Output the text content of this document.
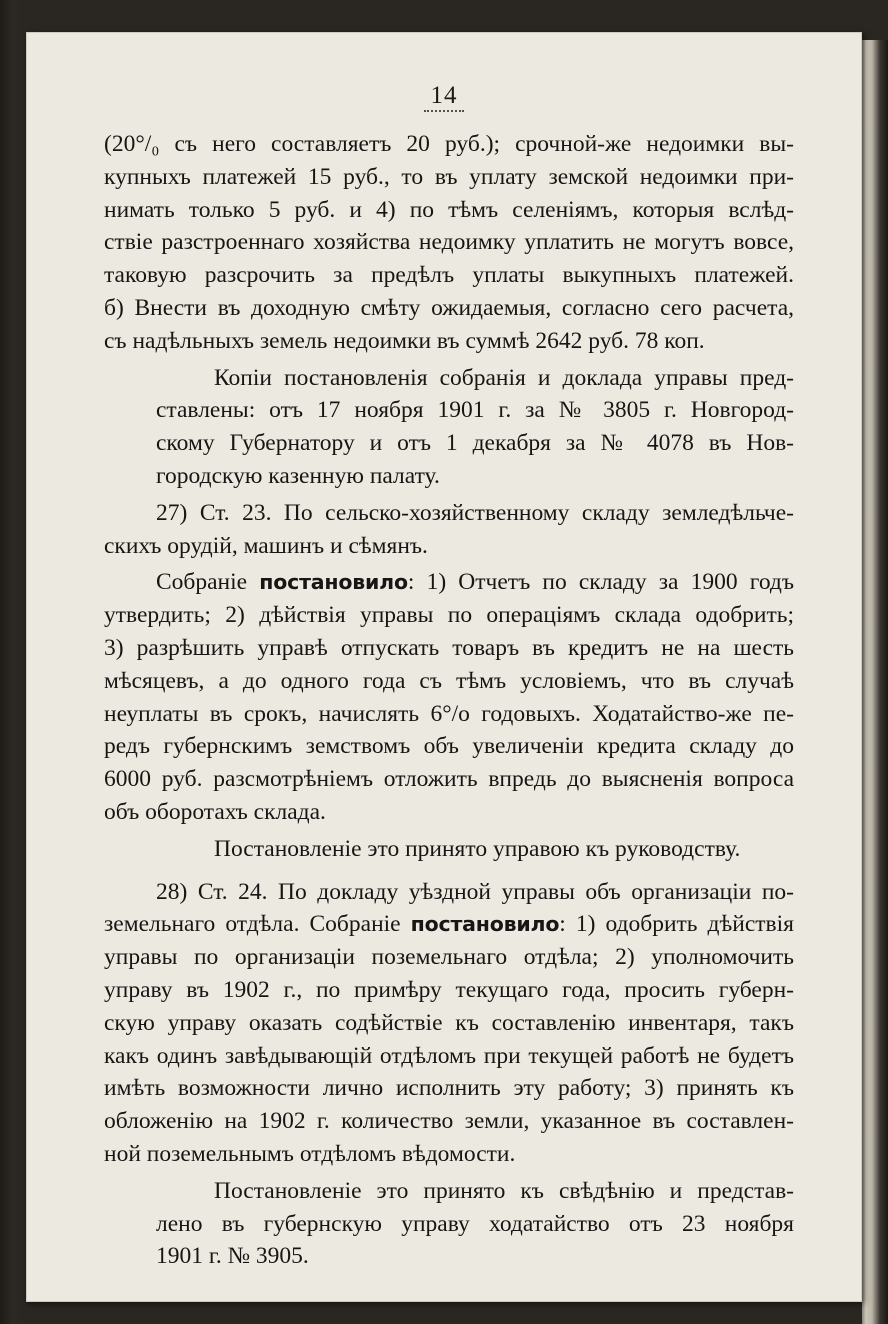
14
(20°/₀ съ него составляетъ 20 руб.); срочной-же недоимки вы-
купныхъ платежей 15 руб., то въ уплату земской недоимки при-
нимать только 5 руб. и 4) по тѣмъ селеніямъ, которыя вслѣд-
ствіе разстроеннаго хозяйства недоимку уплатить не могутъ вовсе,
таковую разсрочить за предѣлъ уплаты выкупныхъ платежей.
б) Внести въ доходную смѣту ожидаемыя, согласно сего расчета,
съ надѣльныхъ земель недоимки въ суммѣ 2642 руб. 78 коп.
Копіи постановленія собранія и доклада управы пред-
ставлены: отъ 17 ноября 1901 г. за № 3805 г. Новгород-
скому Губернатору и отъ 1 декабря за № 4078 въ Нов-
городскую казенную палату.
27) Ст. 23. По сельско-хозяйственному складу земледѣльче-
скихъ орудій, машинъ и сѣмянъ.
Собраніе постановило: 1) Отчетъ по складу за 1900 годъ
утвердить; 2) дѣйствія управы по операціямъ склада одобрить;
3) разрѣшить управѣ отпускать товаръ въ кредитъ не на шесть
мѣсяцевъ, а до одного года съ тѣмъ условіемъ, что въ случаѣ
неуплаты въ срокъ, начислять 6°/о годовыхъ. Ходатайство-же пе-
редъ губернскимъ земствомъ объ увеличеніи кредита складу до
6000 руб. разсмотрѣніемъ отложить впредь до выясненія вопроса
объ оборотахъ склада.
Постановленіе это принято управою къ руководству.
28) Ст. 24. По докладу уѣздной управы объ организаціи по-
земельнаго отдѣла. Собраніе постановило: 1) одобрить дѣйствія
управы по организаціи поземельнаго отдѣла; 2) уполномочить
управу въ 1902 г., по примѣру текущаго года, просить губерн-
скую управу оказать содѣйствіе къ составленію инвентаря, такъ
какъ одинъ завѣдывающій отдѣломъ при текущей работѣ не будетъ
имѣть возможности лично исполнить эту работу; 3) принять къ
обложенію на 1902 г. количество земли, указанное въ составлен-
ной поземельнымъ отдѣломъ вѣдомости.
Постановленіе это принято къ свѣдѣнію и представ-
лено въ губернскую управу ходатайство отъ 23 ноября
1901 г. № 3905.
